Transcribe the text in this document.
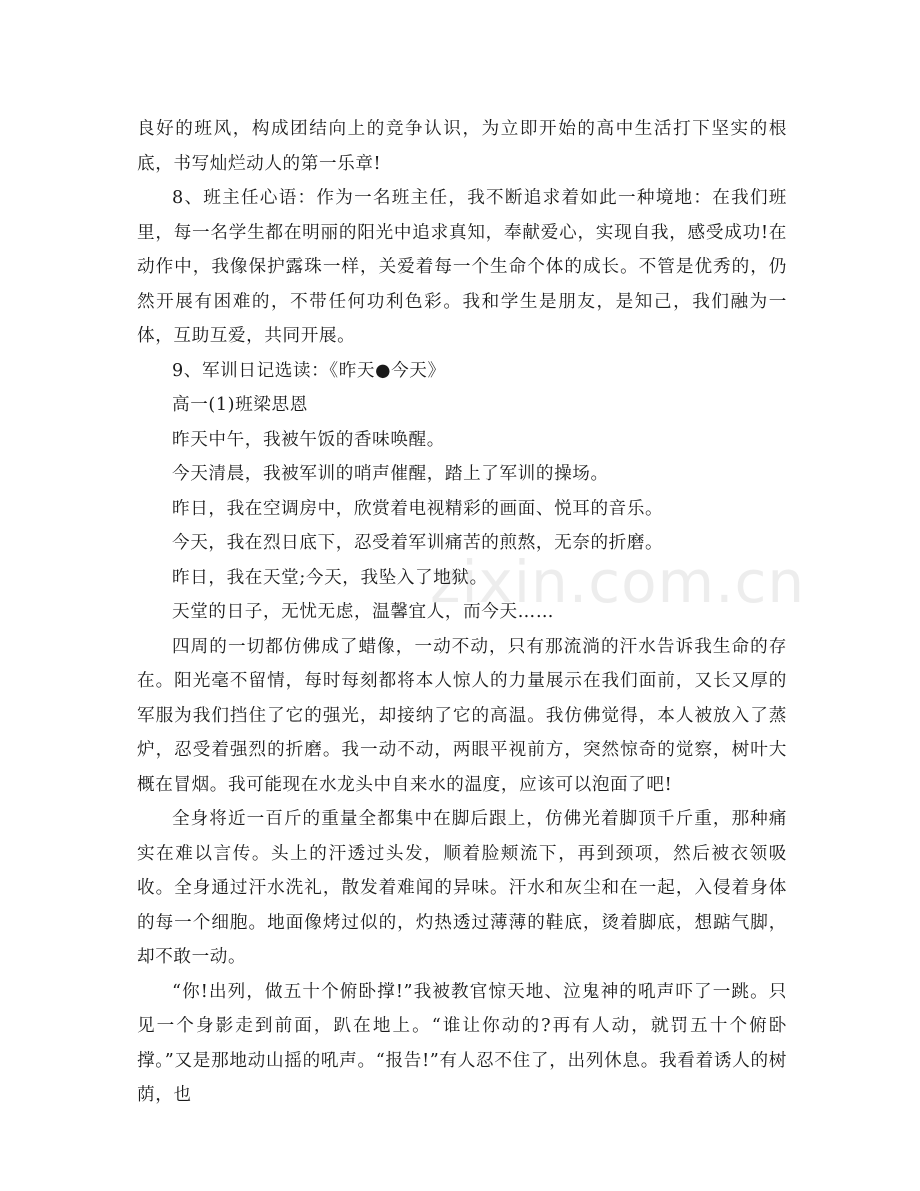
zixin.com.cn

良好的班风，构成团结向上的竞争认识，为立即开始的高中生活打下坚实的根底，书写灿烂动人的第一乐章!

8、班主任心语：作为一名班主任，我不断追求着如此一种境地：在我们班里，每一名学生都在明丽的阳光中追求真知，奉献爱心，实现自我，感受成功!在动作中，我像保护露珠一样，关爱着每一个生命个体的成长。不管是优秀的，仍然开展有困难的，不带任何功利色彩。我和学生是朋友，是知己，我们融为一体，互助互爱，共同开展。

9、军训日记选读：《昨天●今天》

高一(1)班梁思恩

昨天中午，我被午饭的香味唤醒。

今天清晨，我被军训的哨声催醒，踏上了军训的操场。

昨日，我在空调房中，欣赏着电视精彩的画面、悦耳的音乐。

今天，我在烈日底下，忍受着军训痛苦的煎熬，无奈的折磨。

昨日，我在天堂;今天，我坠入了地狱。

天堂的日子，无忧无虑，温馨宜人，而今天……

四周的一切都仿佛成了蜡像，一动不动，只有那流淌的汗水告诉我生命的存在。阳光毫不留情，每时每刻都将本人惊人的力量展示在我们面前，又长又厚的军服为我们挡住了它的强光，却接纳了它的高温。我仿佛觉得，本人被放入了蒸炉，忍受着强烈的折磨。我一动不动，两眼平视前方，突然惊奇的觉察，树叶大概在冒烟。我可能现在水龙头中自来水的温度，应该可以泡面了吧!

全身将近一百斤的重量全都集中在脚后跟上，仿佛光着脚顶千斤重，那种痛实在难以言传。头上的汗透过头发，顺着脸颊流下，再到颈项，然后被衣领吸收。全身通过汗水洗礼，散发着难闻的异味。汗水和灰尘和在一起，入侵着身体的每一个细胞。地面像烤过似的，灼热透过薄薄的鞋底，烫着脚底，想踮气脚，却不敢一动。

“你!出列，做五十个俯卧撑!”我被教官惊天地、泣鬼神的吼声吓了一跳。只见一个身影走到前面，趴在地上。“谁让你动的?再有人动，就罚五十个俯卧撑。”又是那地动山摇的吼声。“报告!”有人忍不住了，出列休息。我看着诱人的树荫，也
